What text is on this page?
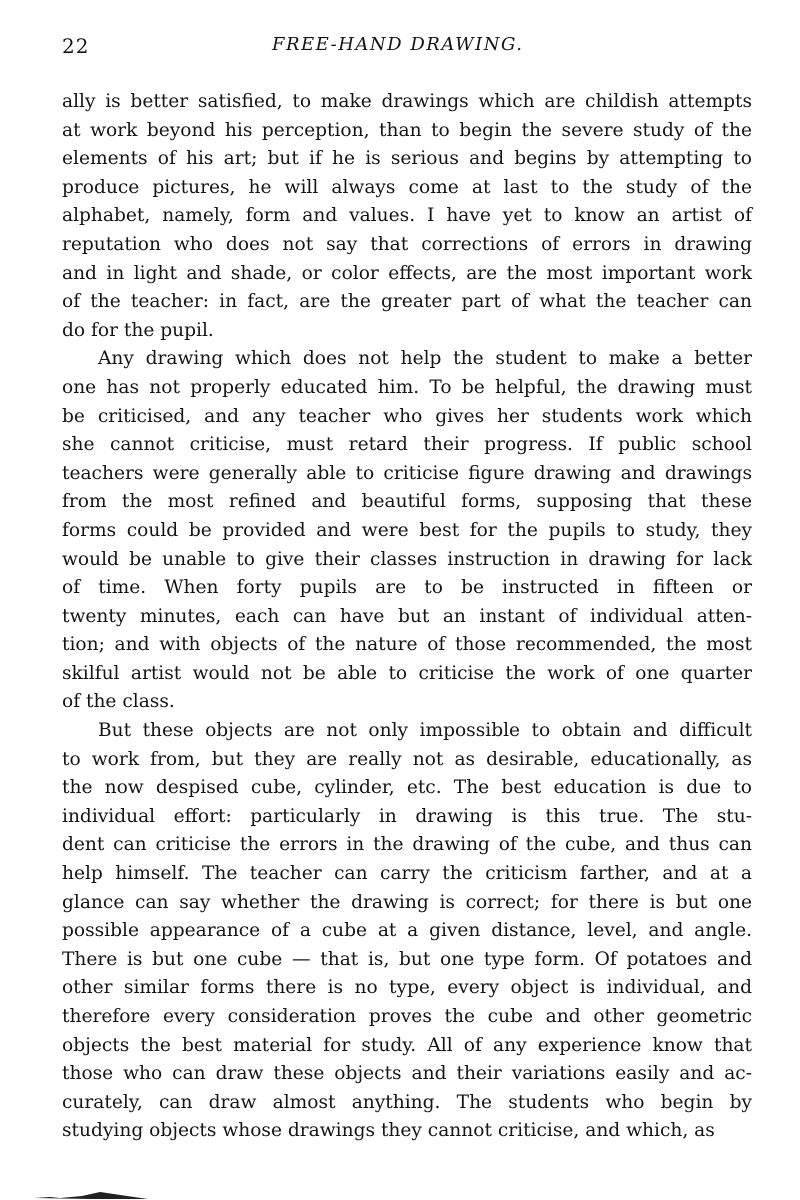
22	FREE-HAND DRAWING.
ally is better satisfied, to make drawings which are childish attempts
at work beyond his perception, than to begin the severe study of the
elements of his art; but if he is serious and begins by attempting to
produce pictures, he will always come at last to the study of the
alphabet, namely, form and values. I have yet to know an artist of
reputation who does not say that corrections of errors in drawing
and in light and shade, or color effects, are the most important work
of the teacher: in fact, are the greater part of what the teacher can
do for the pupil.
Any drawing which does not help the student to make a better
one has not properly educated him. To be helpful, the drawing must
be criticised, and any teacher who gives her students work which
she cannot criticise, must retard their progress. If public school
teachers were generally able to criticise figure drawing and drawings
from the most refined and beautiful forms, supposing that these
forms could be provided and were best for the pupils to study, they
would be unable to give their classes instruction in drawing for lack
of time. When forty pupils are to be instructed in fifteen or
twenty minutes, each can have but an instant of individual atten-
tion; and with objects of the nature of those recommended, the most
skilful artist would not be able to criticise the work of one quarter
of the class.
But these objects are not only impossible to obtain and difficult
to work from, but they are really not as desirable, educationally, as
the now despised cube, cylinder, etc. The best education is due to
individual effort: particularly in drawing is this true. The stu-
dent can criticise the errors in the drawing of the cube, and thus can
help himself. The teacher can carry the criticism farther, and at a
glance can say whether the drawing is correct; for there is but one
possible appearance of a cube at a given distance, level, and angle.
There is but one cube — that is, but one type form. Of potatoes and
other similar forms there is no type, every object is individual, and
therefore every consideration proves the cube and other geometric
objects the best material for study. All of any experience know that
those who can draw these objects and their variations easily and ac-
curately, can draw almost anything. The students who begin by
studying objects whose drawings they cannot criticise, and which, as
